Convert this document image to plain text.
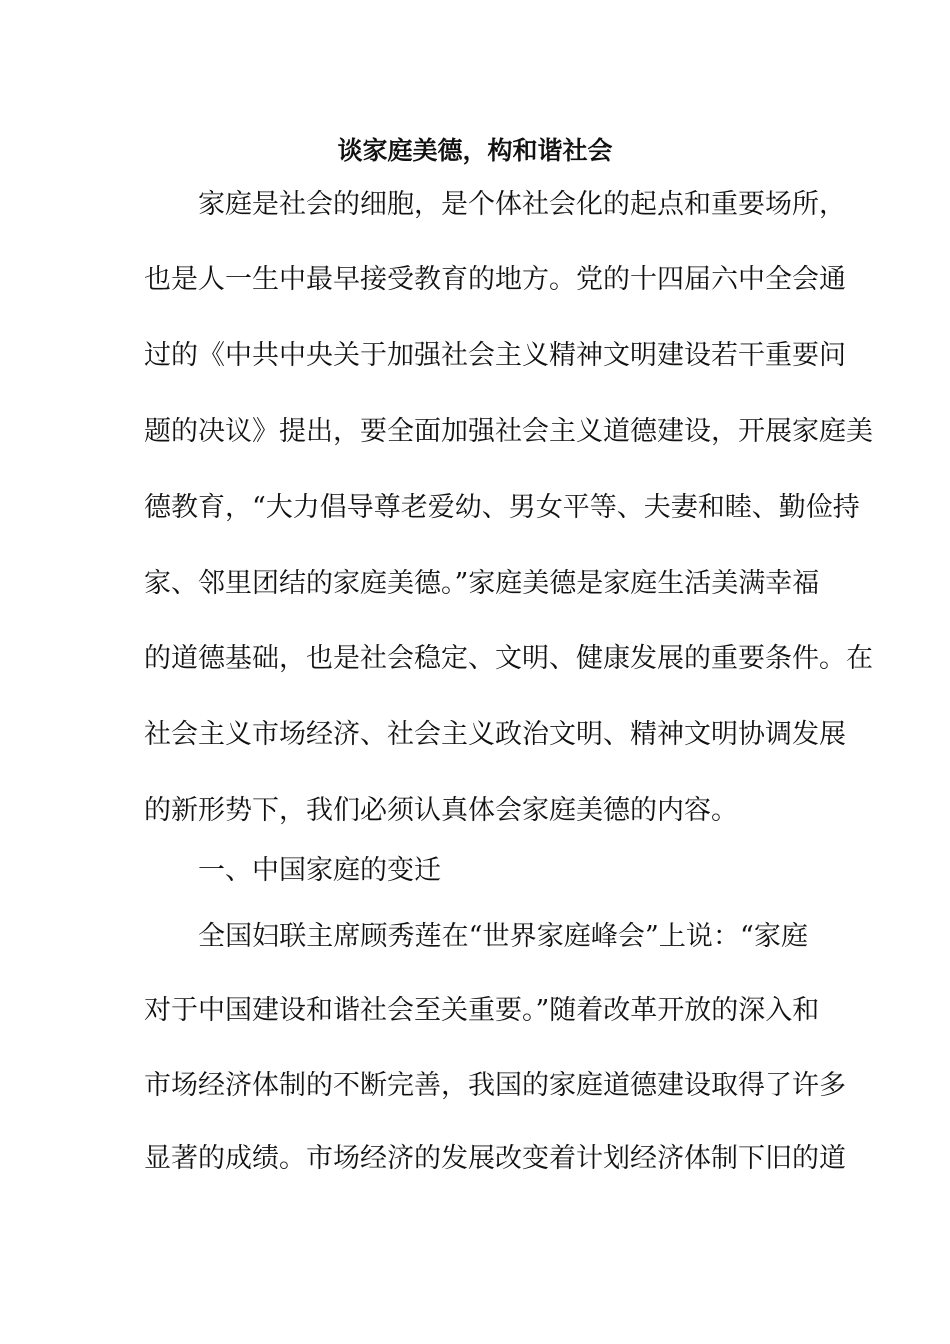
谈家庭美德，构和谐社会

家庭是社会的细胞，是个体社会化的起点和重要场所，

也是人一生中最早接受教育的地方。党的十四届六中全会通

过的《中共中央关于加强社会主义精神文明建设若干重要问

题的决议》提出，要全面加强社会主义道德建设，开展家庭美

德教育，“大力倡导尊老爱幼、男女平等、夫妻和睦、勤俭持

家、邻里团结的家庭美德。”家庭美德是家庭生活美满幸福

的道德基础，也是社会稳定、文明、健康发展的重要条件。在

社会主义市场经济、社会主义政治文明、精神文明协调发展

的新形势下，我们必须认真体会家庭美德的内容。

一、中国家庭的变迁

全国妇联主席顾秀莲在“世界家庭峰会”上说：“家庭

对于中国建设和谐社会至关重要。”随着改革开放的深入和

市场经济体制的不断完善，我国的家庭道德建设取得了许多

显著的成绩。市场经济的发展改变着计划经济体制下旧的道
